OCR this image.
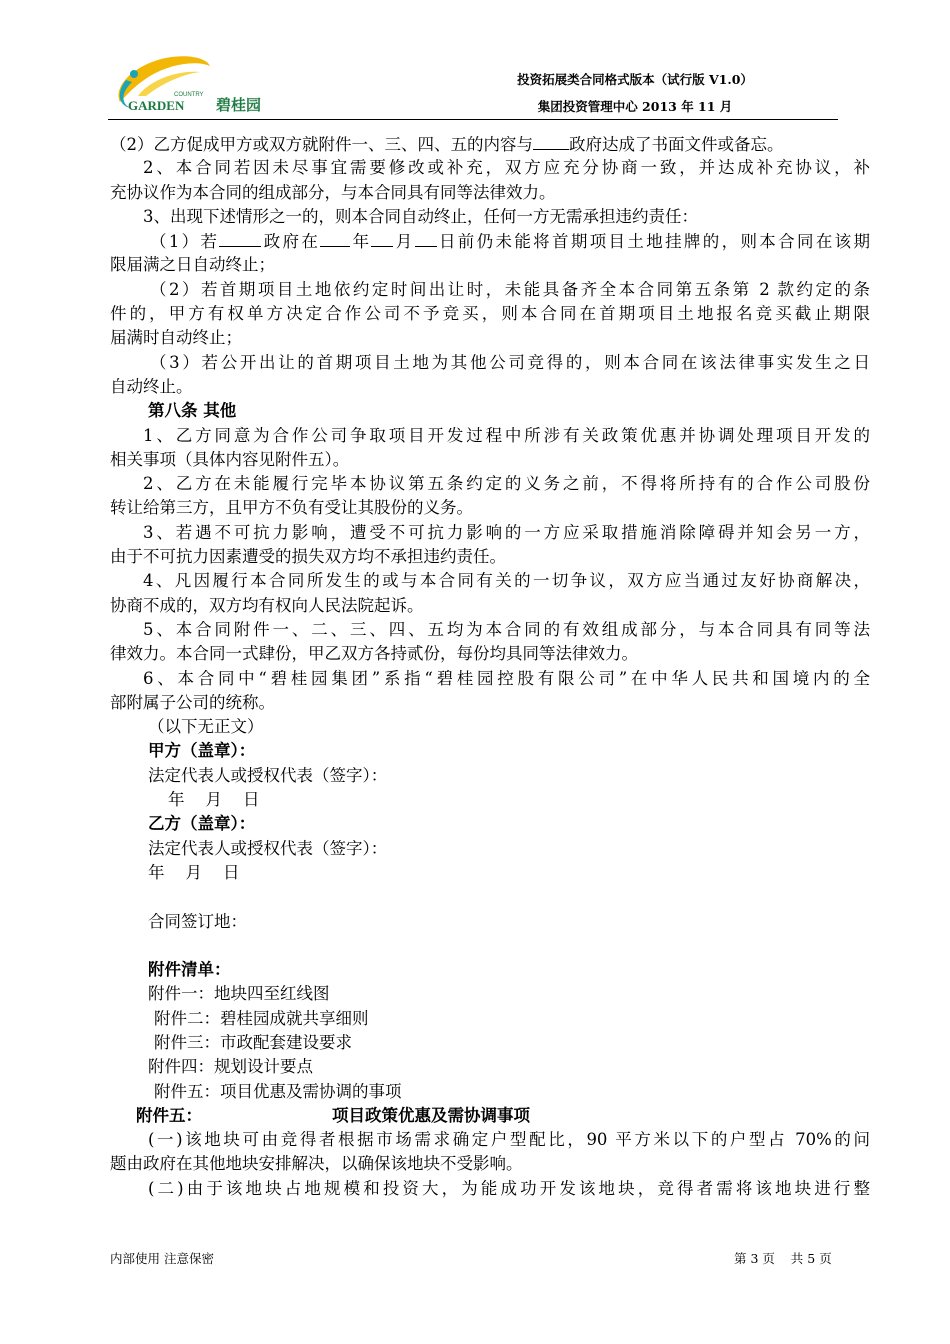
COUNTRY
GARDEN 碧桂园
投资拓展类合同格式版本（试行版 V1.0）
集团投资管理中心 2013 年 11 月
（2）乙方促成甲方或双方就附件一、三、四、五的内容与 政府达成了书面文件或备忘。
2、本合同若因未尽事宜需要修改或补充，双方应充分协商一致，并达成补充协议，补
充协议作为本合同的组成部分，与本合同具有同等法律效力。
3、出现下述情形之一的，则本合同自动终止，任何一方无需承担违约责任：
（1）若	政府在 年 月 日前仍未能将首期项目土地挂牌的，则本合同在该期
限届满之日自动终止；
（2）若首期项目土地依约定时间出让时，未能具备齐全本合同第五条第 2 款约定的条
件的，甲方有权单方决定合作公司不予竞买，则本合同在首期项目土地报名竞买截止期限
届满时自动终止；
（3）若公开出让的首期项目土地为其他公司竞得的，则本合同在该法律事实发生之日
自动终止。
第八条 其他
1、乙方同意为合作公司争取项目开发过程中所涉有关政策优惠并协调处理项目开发的
相关事项（具体内容见附件五）。
2、乙方在未能履行完毕本协议第五条约定的义务之前，不得将所持有的合作公司股份
转让给第三方，且甲方不负有受让其股份的义务。
3、若遇不可抗力影响，遭受不可抗力影响的一方应采取措施消除障碍并知会另一方，
由于不可抗力因素遭受的损失双方均不承担违约责任。
4、凡因履行本合同所发生的或与本合同有关的一切争议，双方应当通过友好协商解决，
协商不成的，双方均有权向人民法院起诉。
5、本合同附件一、二、三、四、五均为本合同的有效组成部分，与本合同具有同等法
律效力。本合同一式肆份，甲乙双方各持贰份，每份均具同等法律效力。
6、本合同中“碧桂园集团”系指“碧桂园控股有限公司”在中华人民共和国境内的全
部附属子公司的统称。
（以下无正文）
甲方（盖章）：
法定代表人或授权代表（签字）：
年    月    日
乙方（盖章）：
法定代表人或授权代表（签字）：
年    月    日
合同签订地：
附件清单：
附件一：地块四至红线图
附件二：碧桂园成就共享细则
附件三：市政配套建设要求
附件四：规划设计要点
附件五：项目优惠及需协调的事项
附件五：	项目政策优惠及需协调事项
(一)该地块可由竞得者根据市场需求确定户型配比，90 平方米以下的户型占 70%的问
题由政府在其他地块安排解决，以确保该地块不受影响。
(二)由于该地块占地规模和投资大，为能成功开发该地块，竞得者需将该地块进行整
内部使用 注意保密	第 3 页    共 5 页
